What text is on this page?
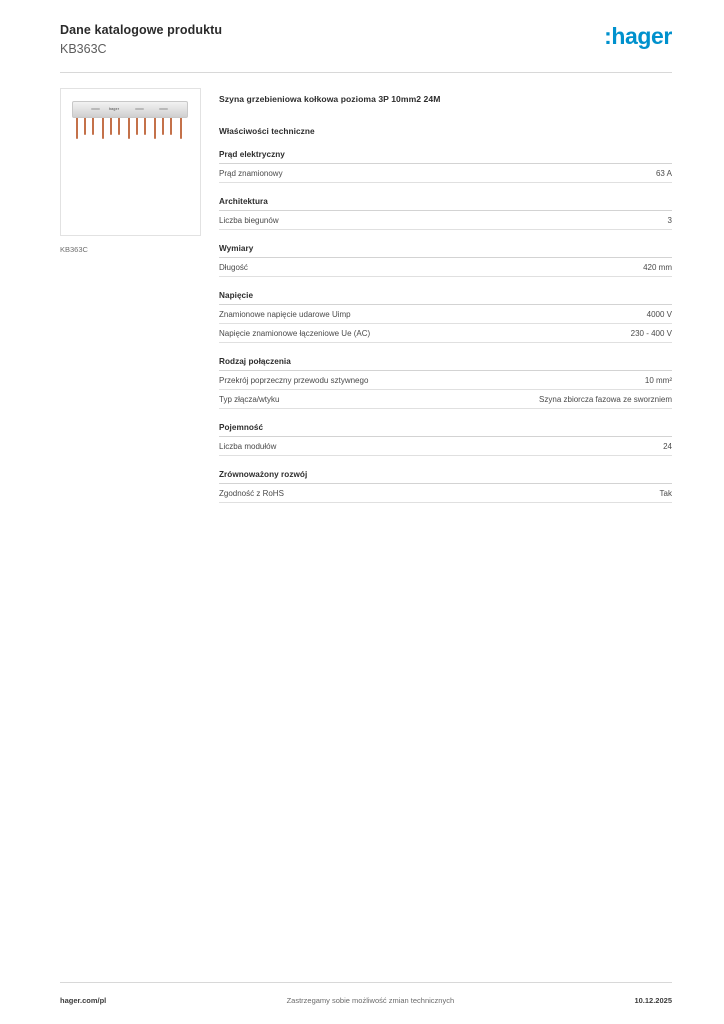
Dane katalogowe produktu
KB363C	:hager
hager
KB363C
Szyna grzebieniowa kołkowa pozioma 3P 10mm2 24M
Właściwości techniczne
Prąd elektryczny
Prąd znamionowy	63 A
Architektura
Liczba biegunów	3
Wymiary
Długość	420 mm
Napięcie
Znamionowe napięcie udarowe Uimp	4000 V
Napięcie znamionowe łączeniowe Ue (AC)	230 - 400 V
Rodzaj połączenia
Przekrój poprzeczny przewodu sztywnego	10 mm²
Typ złącza/wtyku	Szyna zbiorcza fazowa ze sworzniem
Pojemność
Liczba modułów	24
Zrównoważony rozwój
Zgodność z RoHS	Tak
hager.com/pl	Zastrzegamy sobie możliwość zmian technicznych	10.12.2025
